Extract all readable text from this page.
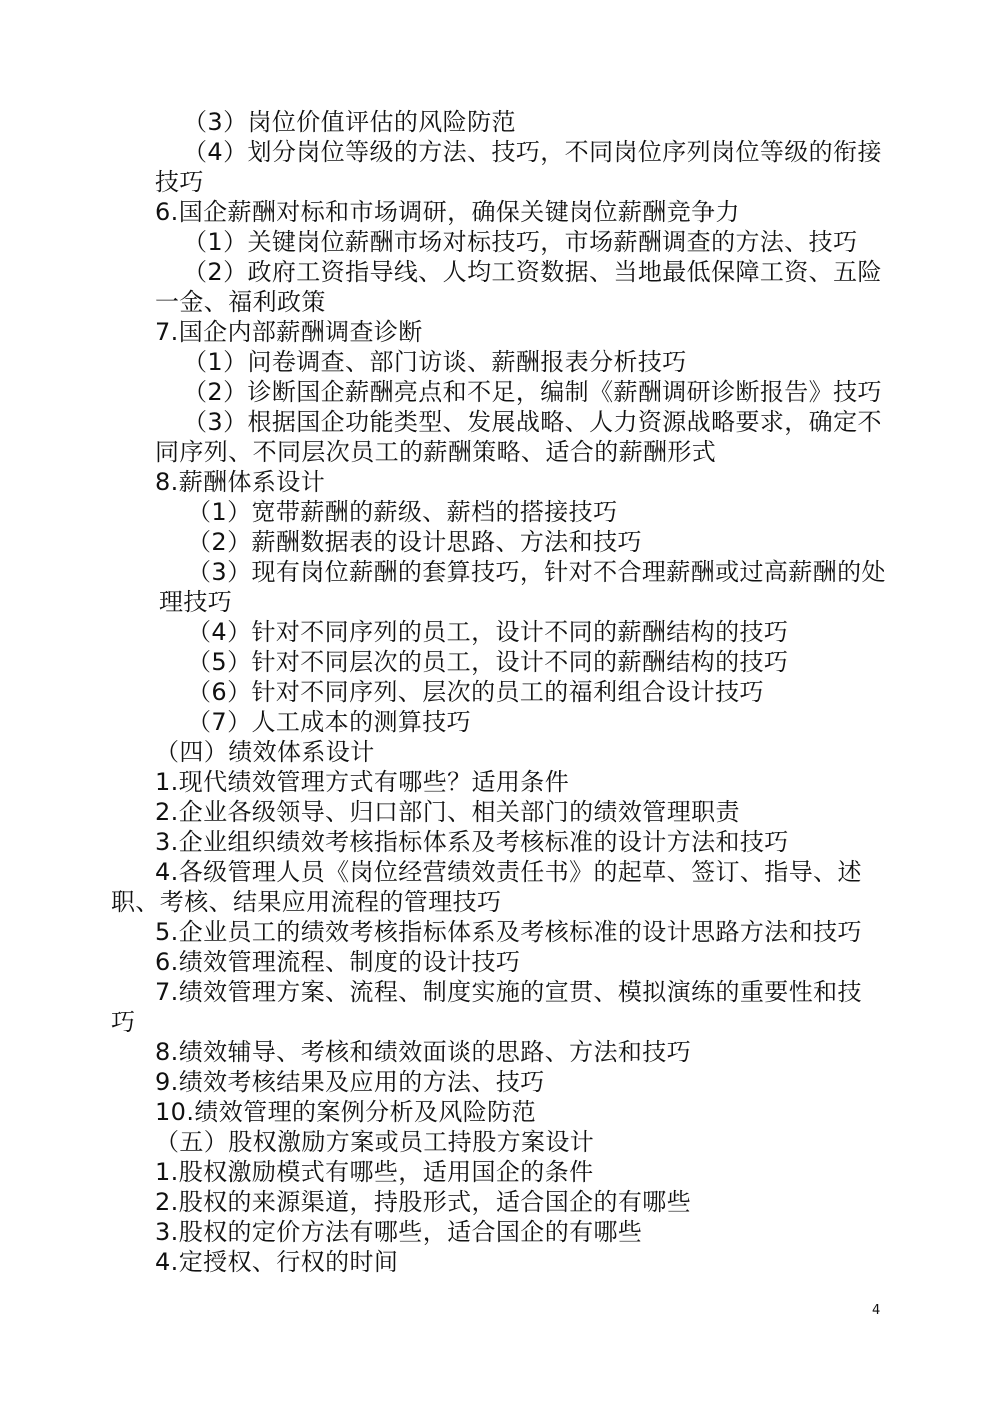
（3）岗位价值评估的风险防范

（4）划分岗位等级的方法、技巧，不同岗位序列岗位等级的衔接

技巧

6.国企薪酬对标和市场调研，确保关键岗位薪酬竞争力

（1）关键岗位薪酬市场对标技巧，市场薪酬调查的方法、技巧

（2）政府工资指导线、人均工资数据、当地最低保障工资、五险

一金、福利政策

7.国企内部薪酬调查诊断

（1）问卷调查、部门访谈、薪酬报表分析技巧

（2）诊断国企薪酬亮点和不足，编制《薪酬调研诊断报告》技巧

（3）根据国企功能类型、发展战略、人力资源战略要求，确定不

同序列、不同层次员工的薪酬策略、适合的薪酬形式

8.薪酬体系设计

（1）宽带薪酬的薪级、薪档的搭接技巧

（2）薪酬数据表的设计思路、方法和技巧

（3）现有岗位薪酬的套算技巧，针对不合理薪酬或过高薪酬的处

理技巧

（4）针对不同序列的员工，设计不同的薪酬结构的技巧

（5）针对不同层次的员工，设计不同的薪酬结构的技巧

（6）针对不同序列、层次的员工的福利组合设计技巧

（7）人工成本的测算技巧

（四）绩效体系设计

1.现代绩效管理方式有哪些？适用条件

2.企业各级领导、归口部门、相关部门的绩效管理职责

3.企业组织绩效考核指标体系及考核标准的设计方法和技巧

4.各级管理人员《岗位经营绩效责任书》的起草、签订、指导、述

职、考核、结果应用流程的管理技巧

5.企业员工的绩效考核指标体系及考核标准的设计思路方法和技巧

6.绩效管理流程、制度的设计技巧

7.绩效管理方案、流程、制度实施的宣贯、模拟演练的重要性和技

巧

8.绩效辅导、考核和绩效面谈的思路、方法和技巧

9.绩效考核结果及应用的方法、技巧

10.绩效管理的案例分析及风险防范

（五）股权激励方案或员工持股方案设计

1.股权激励模式有哪些，适用国企的条件

2.股权的来源渠道，持股形式，适合国企的有哪些

3.股权的定价方法有哪些，适合国企的有哪些

4.定授权、行权的时间

4
